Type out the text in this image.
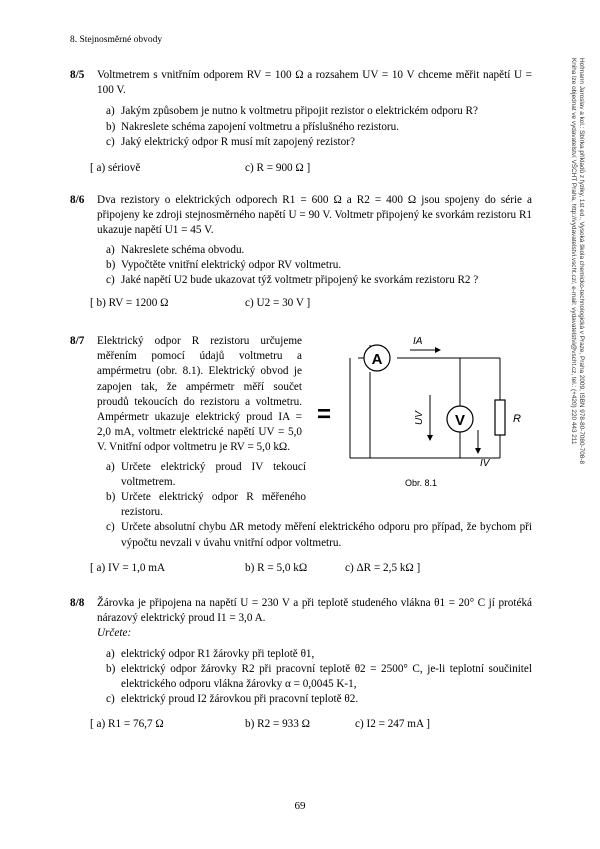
8. Stejnosměrné obvody
Hofmann Jaroslav a kol.: Sbírka příkladů z fyziky, 1st ed., Vysoká škola chemicko-technologická v Praze, Praha 2009, ISBN 978-80-7080-708-8
Kniha lze objednat ve vydavatelství VŠCHT Praha, http://vydavatelstvi.vscht.cz/, e-mail: vydavatelstvi@vscht.cz, tel.: (+420) 220 443 211
8/5 Voltmetrem s vnitřním odporem RV = 100 Ω a rozsahem UV = 10 V chceme měřit napětí U = 100 V.
a) Jakým způsobem je nutno k voltmetru připojit rezistor o elektrickém odporu R?
b) Nakreslete schéma zapojení voltmetru a příslušného rezistoru.
c) Jaký elektrický odpor R musí mít zapojený rezistor?
[ a) sériově	c) R = 900 Ω ]
8/6 Dva rezistory o elektrických odporech R1 = 600 Ω a R2 = 400 Ω jsou spojeny do série a připojeny ke zdroji stejnosměrného napětí U = 90 V. Voltmetr připojený ke svorkám rezistoru R1 ukazuje napětí U1 = 45 V.
a) Nakreslete schéma obvodu.
b) Vypočtěte vnitřní elektrický odpor RV voltmetru.
c) Jaké napětí U2 bude ukazovat týž voltmetr připojený ke svorkám rezistoru R2 ?
[ b) RV = 1200 Ω	c) U2 = 30 V ]
8/7 Elektrický odpor R rezistoru určujeme měřením pomocí údajů voltmetru a ampérmetru (obr. 8.1). Elektrický obvod je zapojen tak, že ampérmetr měří součet proudů tekoucích do rezistoru a voltmetru. Ampérmetr ukazuje elektrický proud IA = 2,0 mA, voltmetr elektrické napětí UV = 5,0 V. Vnitřní odpor voltmetru je RV = 5,0 kΩ.
a) Určete elektrický proud IV tekoucí voltmetrem.
b) Určete elektrický odpor R měřeného rezistoru.
c) Určete absolutní chybu ΔR metody měření elektrického odporu pro případ, že bychom při výpočtu nevzali v úvahu vnitřní odpor voltmetru.
[ a) IV = 1,0 mA	b) R = 5,0 kΩ	c) ΔR = 2,5 kΩ ]
A
V	R
=
IA
UV
IV
Obr. 8.1
8/8 Žárovka je připojena na napětí U = 230 V a při teplotě studeného vlákna θ1 = 20° C jí protéká nárazový elektrický proud I1 = 3,0 A.
Určete:
a) elektrický odpor R1 žárovky při teplotě θ1,
b) elektrický odpor žárovky R2 při pracovní teplotě θ2 = 2500° C, je-li teplotní součinitel elektrického odporu vlákna žárovky α = 0,0045 K-1,
c) elektrický proud I2 žárovkou při pracovní teplotě θ2.
[ a) R1 = 76,7 Ω	b) R2 = 933 Ω	c) I2 = 247 mA ]
69
